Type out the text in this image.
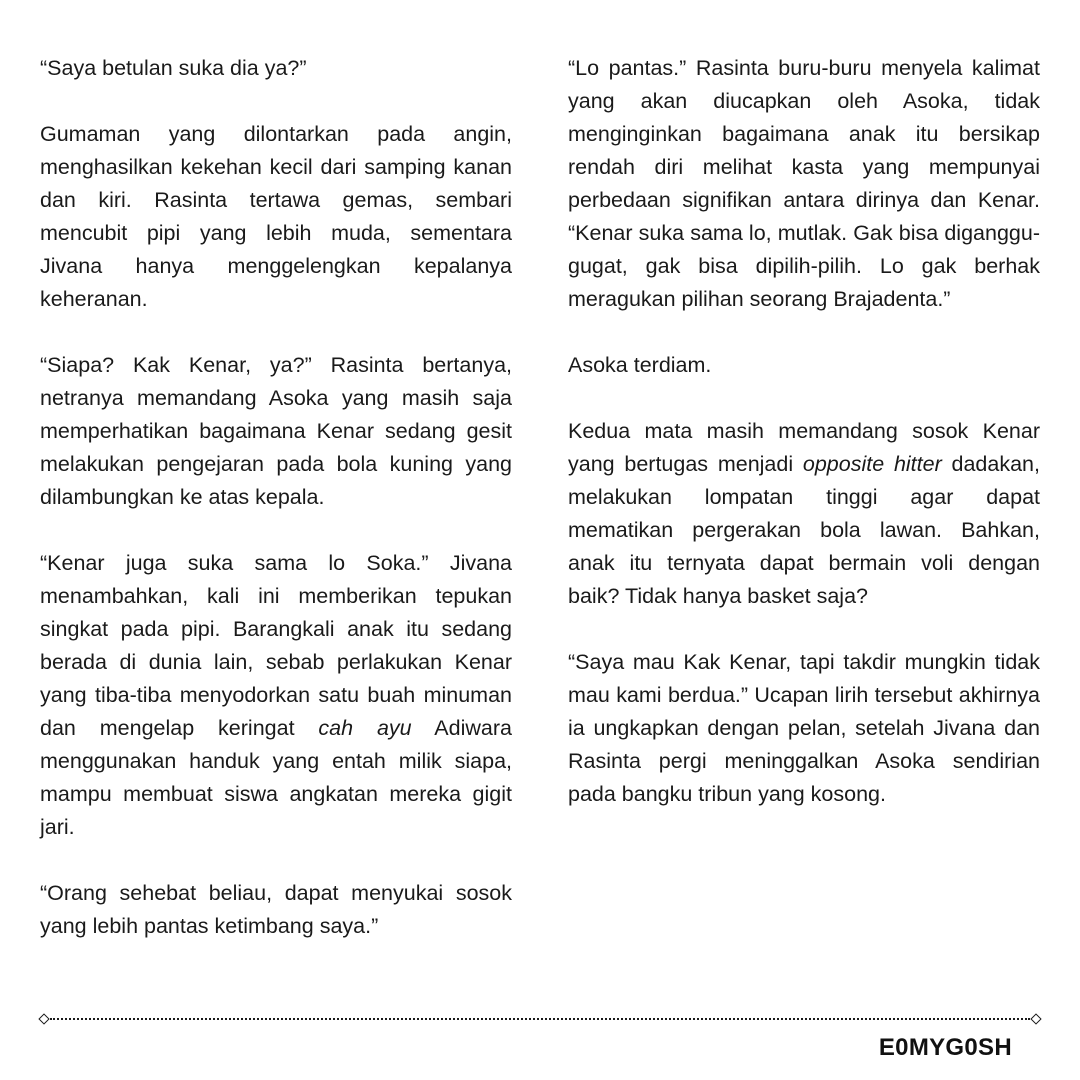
“Saya betulan suka dia ya?”

Gumaman yang dilontarkan pada angin, menghasilkan kekehan kecil dari samping kanan dan kiri. Rasinta tertawa gemas, sembari mencubit pipi yang lebih muda, sementara Jivana hanya menggelengkan kepalanya keheranan.

“Siapa? Kak Kenar, ya?” Rasinta bertanya, netranya memandang Asoka yang masih saja memperhatikan bagaimana Kenar sedang gesit melakukan pengejaran pada bola kuning yang dilambungkan ke atas kepala.

“Kenar juga suka sama lo Soka.” Jivana menambahkan, kali ini memberikan tepukan singkat pada pipi. Barangkali anak itu sedang berada di dunia lain, sebab perlakukan Kenar yang tiba-tiba menyodorkan satu buah minuman dan mengelap keringat cah ayu Adiwara menggunakan handuk yang entah milik siapa, mampu membuat siswa angkatan mereka gigit jari.

“Orang sehebat beliau, dapat menyukai sosok yang lebih pantas ketimbang saya.”

“Lo pantas.” Rasinta buru-buru menyela kalimat yang akan diucapkan oleh Asoka, tidak menginginkan bagaimana anak itu bersikap rendah diri melihat kasta yang mempunyai perbedaan signifikan antara dirinya dan Kenar. “Kenar suka sama lo, mutlak. Gak bisa diganggu-gugat, gak bisa dipilih-pilih. Lo gak berhak meragukan pilihan seorang Brajadenta.”

Asoka terdiam.

Kedua mata masih memandang sosok Kenar yang bertugas menjadi opposite hitter dadakan, melakukan lompatan tinggi agar dapat mematikan pergerakan bola lawan. Bahkan, anak itu ternyata dapat bermain voli dengan baik? Tidak hanya basket saja?

“Saya mau Kak Kenar, tapi takdir mungkin tidak mau kami berdua.” Ucapan lirih tersebut akhirnya ia ungkapkan dengan pelan, setelah Jivana dan Rasinta pergi meninggalkan Asoka sendirian pada bangku tribun yang kosong.

E0MYG0SH
